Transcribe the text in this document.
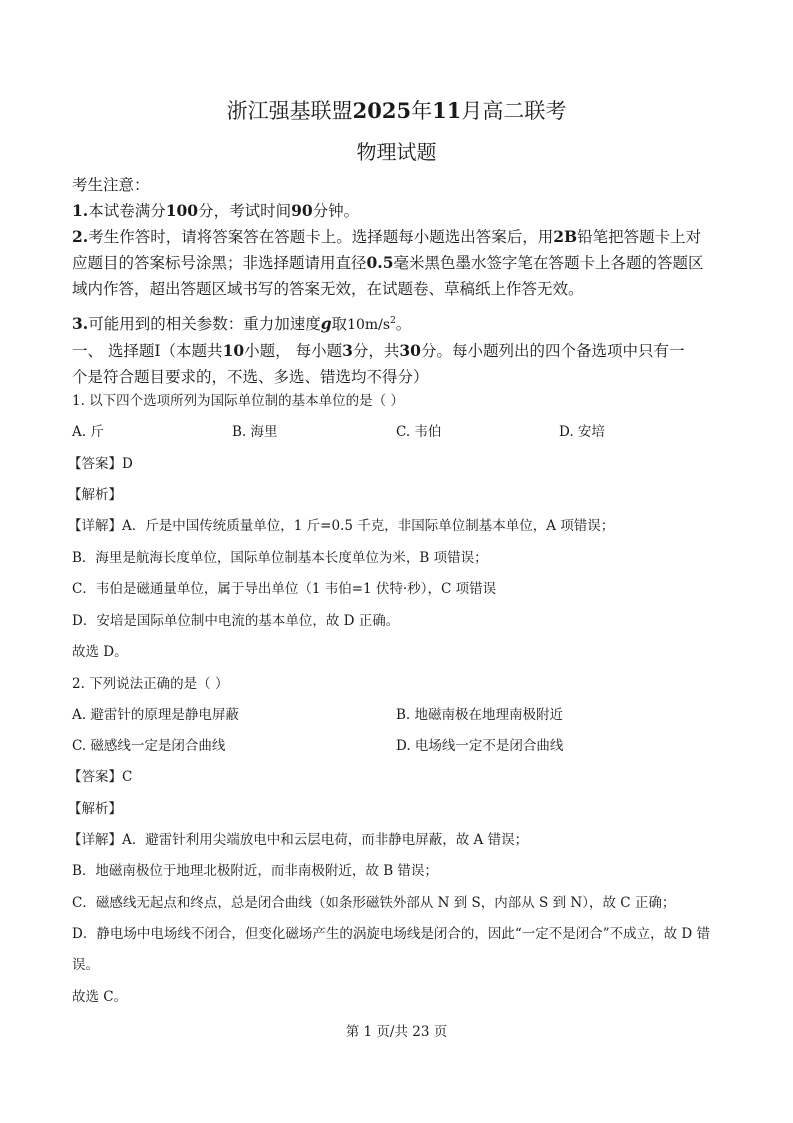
浙江强基联盟2025年11月高二联考
物理试题

考生注意：

1.本试卷满分100分，考试时间90分钟。

2.考生作答时，请将答案答在答题卡上。选择题每小题选出答案后，用2B铅笔把答题卡上对

应题目的答案标号涂黑；非选择题请用直径0.5毫米黑色墨水签字笔在答题卡上各题的答题区

域内作答，超出答题区域书写的答案无效，在试题卷、草稿纸上作答无效。

3.可能用到的相关参数：重力加速度g取$10m/s^2$。

一、 选择题Ⅰ（本题共10小题， 每小题3分，共30分。每小题列出的四个备选项中只有一

个是符合题目要求的，不选、多选、错选均不得分）

1. 以下四个选项所列为国际单位制的基本单位的是（ ）

A. 斤	B. 海里	C. 韦伯	D. 安培

【答案】D

【解析】

【详解】A．斤是中国传统质量单位，1 斤=0.5 千克，非国际单位制基本单位，A 项错误；

B．海里是航海长度单位，国际单位制基本长度单位为米，B 项错误；

C．韦伯是磁通量单位，属于导出单位（1 韦伯=1 伏特·秒），C 项错误

D．安培是国际单位制中电流的基本单位，故 D 正确。

故选 D。

2. 下列说法正确的是（ ）

A. 避雷针的原理是静电屏蔽	B. 地磁南极在地理南极附近
C. 磁感线一定是闭合曲线	D. 电场线一定不是闭合曲线

【答案】C

【解析】

【详解】A．避雷针利用尖端放电中和云层电荷，而非静电屏蔽，故 A 错误；

B．地磁南极位于地理北极附近，而非南极附近，故 B 错误；

C．磁感线无起点和终点，总是闭合曲线（如条形磁铁外部从 N 到 S，内部从 S 到 N），故 C 正确；

D．静电场中电场线不闭合，但变化磁场产生的涡旋电场线是闭合的，因此“一定不是闭合”不成立，故 D 错

误。

故选 C。

第 1 页/共 23 页
